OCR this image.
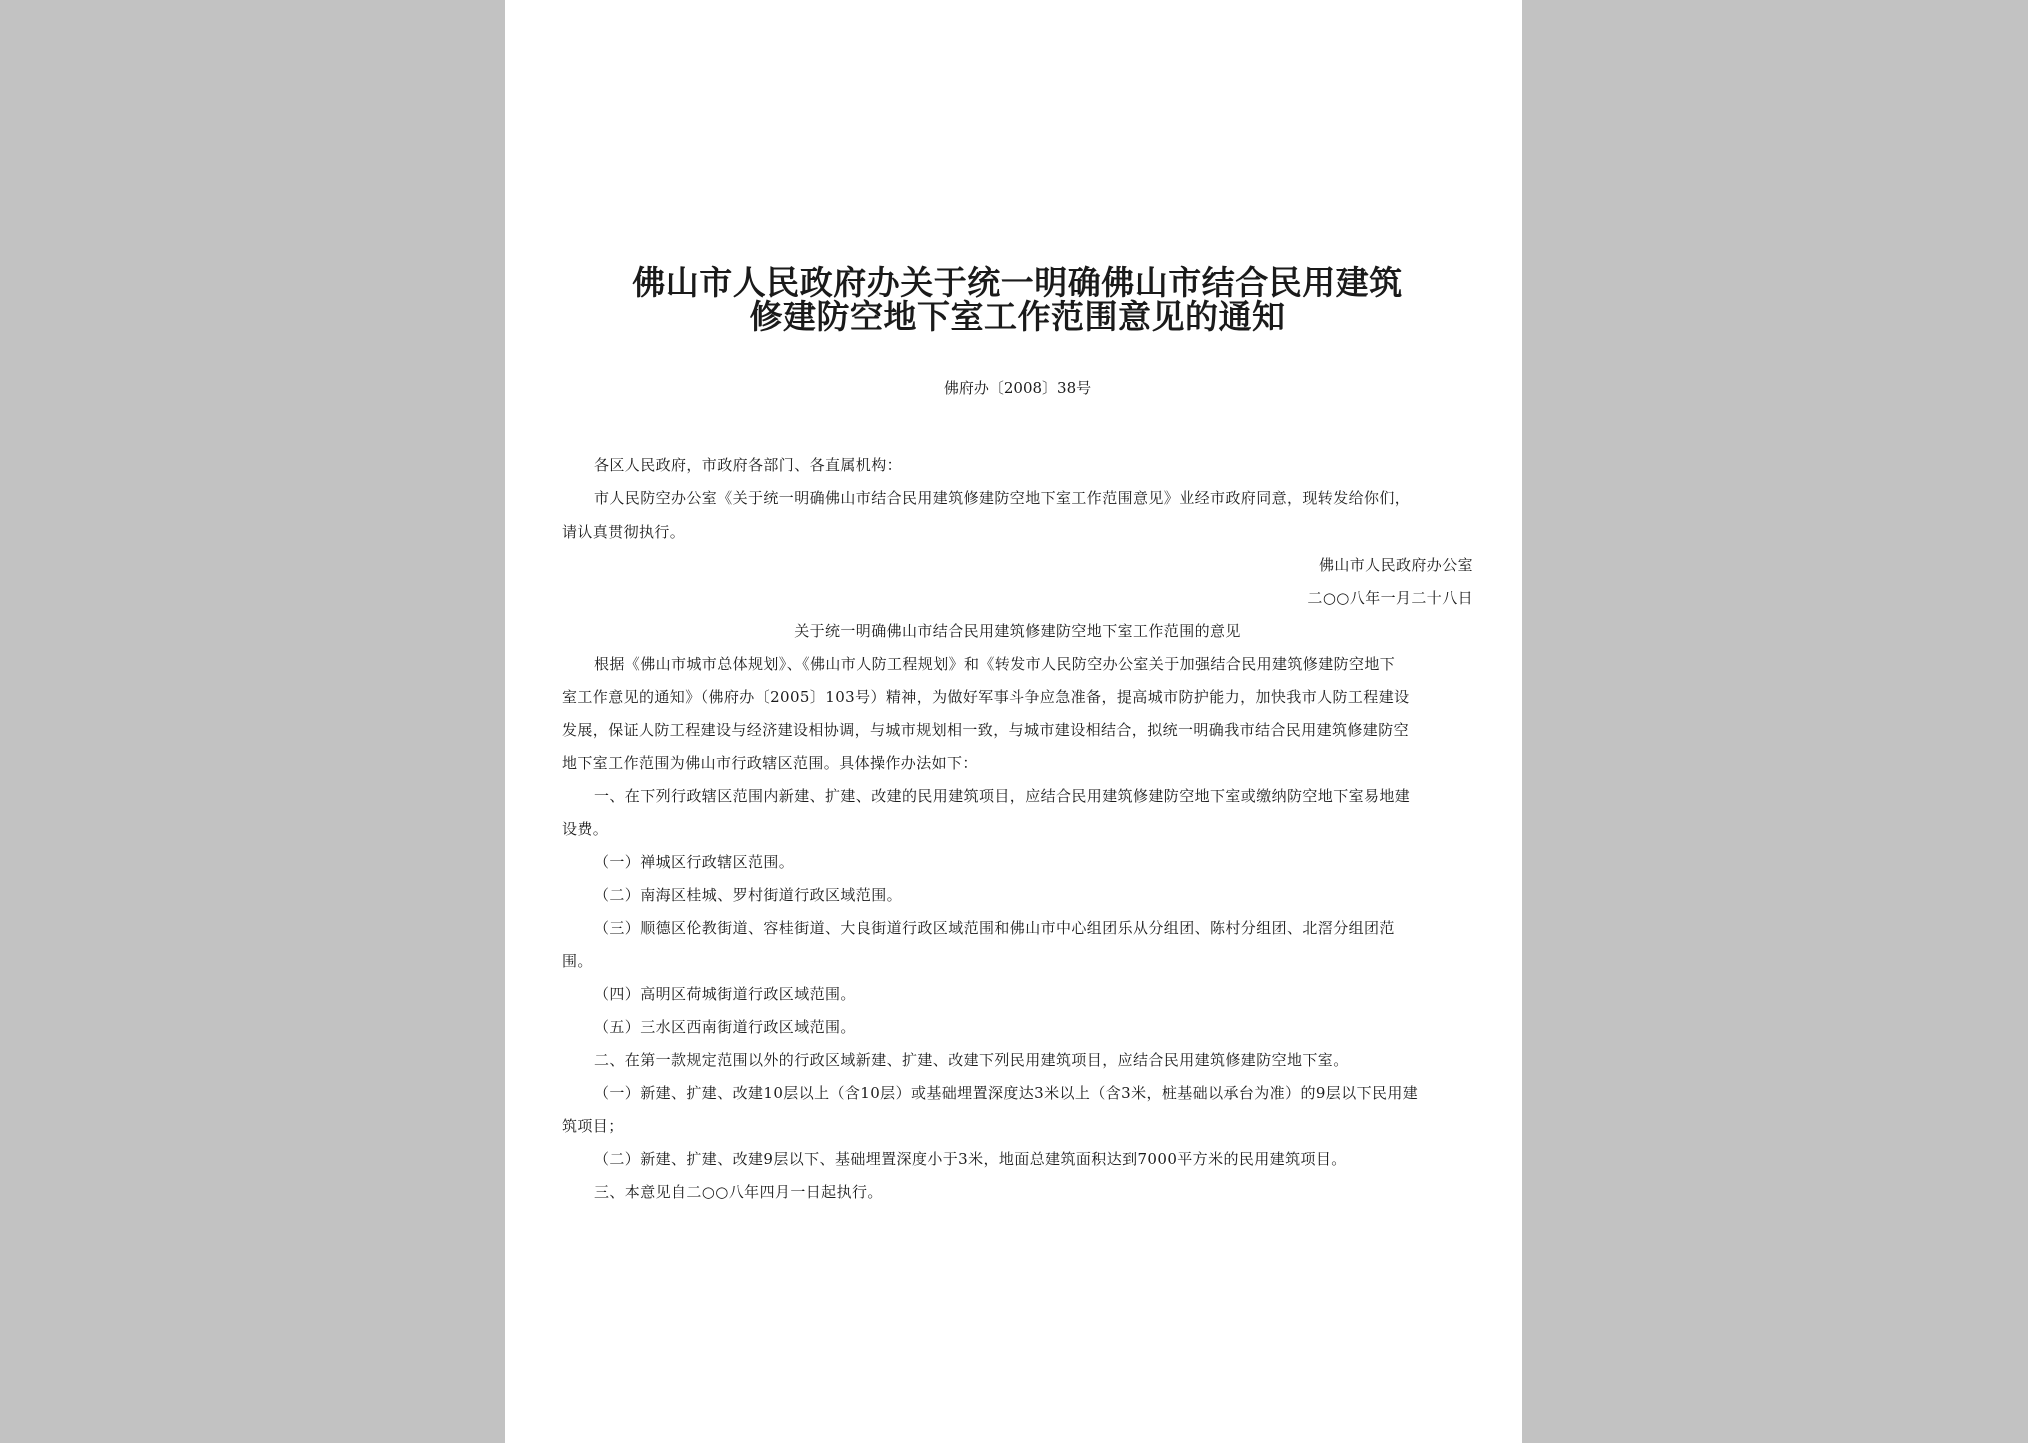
佛山市人民政府办关于统一明确佛山市结合民用建筑
修建防空地下室工作范围意见的通知
佛府办〔2008〕38号
各区人民政府，市政府各部门、各直属机构：
市人民防空办公室《关于统一明确佛山市结合民用建筑修建防空地下室工作范围意见》业经市政府同意，现转发给你们，
请认真贯彻执行。
佛山市人民政府办公室
二○○八年一月二十八日
关于统一明确佛山市结合民用建筑修建防空地下室工作范围的意见
根据《佛山市城市总体规划》、《佛山市人防工程规划》和《转发市人民防空办公室关于加强结合民用建筑修建防空地下
室工作意见的通知》（佛府办〔2005〕103号）精神，为做好军事斗争应急准备，提高城市防护能力，加快我市人防工程建设
发展，保证人防工程建设与经济建设相协调，与城市规划相一致，与城市建设相结合，拟统一明确我市结合民用建筑修建防空
地下室工作范围为佛山市行政辖区范围。具体操作办法如下：
一、在下列行政辖区范围内新建、扩建、改建的民用建筑项目，应结合民用建筑修建防空地下室或缴纳防空地下室易地建
设费。
（一）禅城区行政辖区范围。
（二）南海区桂城、罗村街道行政区域范围。
（三）顺德区伦教街道、容桂街道、大良街道行政区域范围和佛山市中心组团乐从分组团、陈村分组团、北滘分组团范
围。
（四）高明区荷城街道行政区域范围。
（五）三水区西南街道行政区域范围。
二、在第一款规定范围以外的行政区域新建、扩建、改建下列民用建筑项目，应结合民用建筑修建防空地下室。
（一）新建、扩建、改建10层以上（含10层）或基础埋置深度达3米以上（含3米，桩基础以承台为准）的9层以下民用建
筑项目；
（二）新建、扩建、改建9层以下、基础埋置深度小于3米，地面总建筑面积达到7000平方米的民用建筑项目。
三、本意见自二○○八年四月一日起执行。
